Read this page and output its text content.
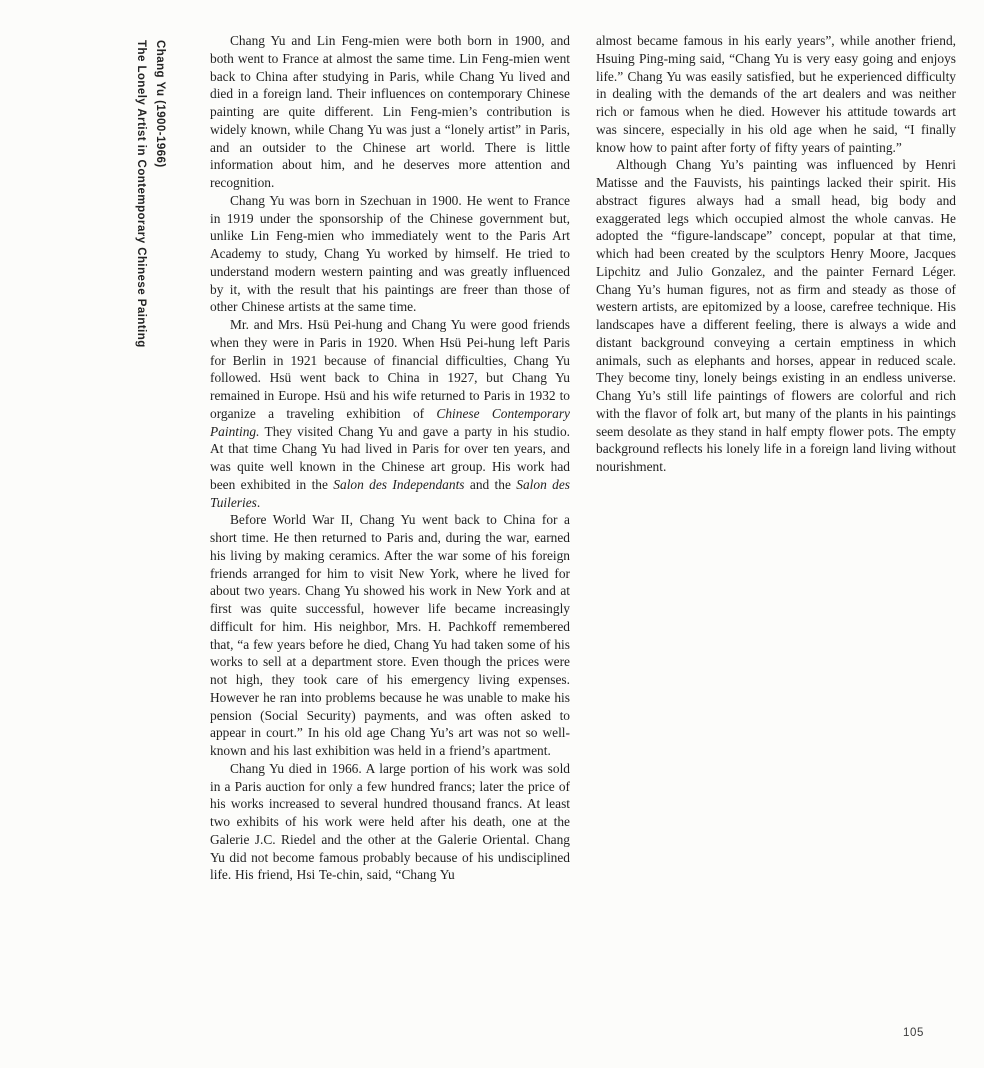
Chang Yu (1900-1966)
The Lonely Artist in Contemporary Chinese Painting	Chang Yu and Lin Feng-mien were both born in 1900, and both went to France at almost the same time. Lin Feng-mien went back to China after studying in Paris, while Chang Yu lived and died in a foreign land. Their influences on contemporary Chinese painting are quite different. Lin Feng-mien’s contribution is widely known, while Chang Yu was just a “lonely artist” in Paris, and an outsider to the Chinese art world. There is little information about him, and he deserves more attention and recognition.

Chang Yu was born in Szechuan in 1900. He went to France in 1919 under the sponsorship of the Chinese government but, unlike Lin Feng-mien who immediately went to the Paris Art Academy to study, Chang Yu worked by himself. He tried to understand modern western painting and was greatly influenced by it, with the result that his paintings are freer than those of other Chinese artists at the same time.

Mr. and Mrs. Hsü Pei-hung and Chang Yu were good friends when they were in Paris in 1920. When Hsü Pei-hung left Paris for Berlin in 1921 because of financial difficulties, Chang Yu followed. Hsü went back to China in 1927, but Chang Yu remained in Europe. Hsü and his wife returned to Paris in 1932 to organize a traveling exhibition of Chinese Contemporary Painting. They visited Chang Yu and gave a party in his studio. At that time Chang Yu had lived in Paris for over ten years, and was quite well known in the Chinese art group. His work had been exhibited in the Salon des Independants and the Salon des Tuileries.

Before World War II, Chang Yu went back to China for a short time. He then returned to Paris and, during the war, earned his living by making ceramics. After the war some of his foreign friends arranged for him to visit New York, where he lived for about two years. Chang Yu showed his work in New York and at first was quite successful, however life became increasingly difficult for him. His neighbor, Mrs. H. Pachkoff remembered that, “a few years before he died, Chang Yu had taken some of his works to sell at a department store. Even though the prices were not high, they took care of his emergency living expenses. However he ran into problems because he was unable to make his pension (Social Security) payments, and was often asked to appear in court.” In his old age Chang Yu’s art was not so well-known and his last exhibition was held in a friend’s apartment.

Chang Yu died in 1966. A large portion of his work was sold in a Paris auction for only a few hundred francs; later the price of his works increased to several hundred thousand francs. At least two exhibits of his work were held after his death, one at the Galerie J.C. Riedel and the other at the Galerie Oriental. Chang Yu did not become famous probably because of his undisciplined life. His friend, Hsi Te-chin, said, “Chang Yu

almost became famous in his early years”, while another friend, Hsuing Ping-ming said, “Chang Yu is very easy going and enjoys life.” Chang Yu was easily satisfied, but he experienced difficulty in dealing with the demands of the art dealers and was neither rich or famous when he died. However his attitude towards art was sincere, especially in his old age when he said, “I finally know how to paint after forty of fifty years of painting.”

Although Chang Yu’s painting was influenced by Henri Matisse and the Fauvists, his paintings lacked their spirit. His abstract figures always had a small head, big body and exaggerated legs which occupied almost the whole canvas. He adopted the “figure-landscape” concept, popular at that time, which had been created by the sculptors Henry Moore, Jacques Lipchitz and Julio Gonzalez, and the painter Fernard Léger. Chang Yu’s human figures, not as firm and steady as those of western artists, are epitomized by a loose, carefree technique. His landscapes have a different feeling, there is always a wide and distant background conveying a certain emptiness in which animals, such as elephants and horses, appear in reduced scale. They become tiny, lonely beings existing in an endless universe. Chang Yu’s still life paintings of flowers are colorful and rich with the flavor of folk art, but many of the plants in his paintings seem desolate as they stand in half empty flower pots. The empty background reflects his lonely life in a foreign land living without nourishment.

105
